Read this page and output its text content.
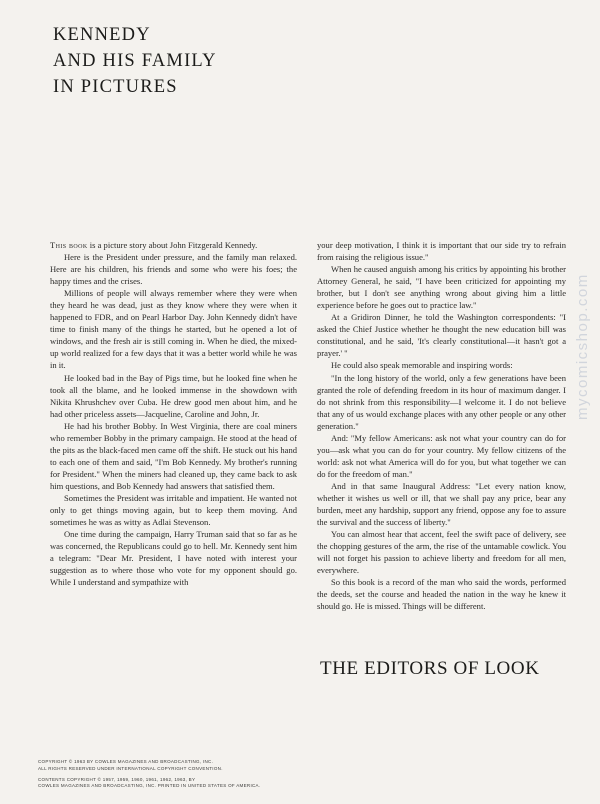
KENNEDY
AND HIS FAMILY
IN PICTURES

This book is a picture story about John Fitzgerald Kennedy.

Here is the President under pressure, and the family man relaxed. Here are his children, his friends and some who were his foes; the happy times and the crises.

Millions of people will always remember where they were when they heard he was dead, just as they know where they were when it happened to FDR, and on Pearl Harbor Day. John Kennedy didn't have time to finish many of the things he started, but he opened a lot of windows, and the fresh air is still coming in. When he died, the mixed-up world realized for a few days that it was a better world while he was in it.

He looked bad in the Bay of Pigs time, but he looked fine when he took all the blame, and he looked immense in the showdown with Nikita Khrushchev over Cuba. He drew good men about him, and he had other priceless assets—Jacqueline, Caroline and John, Jr.

He had his brother Bobby. In West Virginia, there are coal miners who remember Bobby in the primary campaign. He stood at the head of the pits as the black-faced men came off the shift. He stuck out his hand to each one of them and said, "I'm Bob Kennedy. My brother's running for President." When the miners had cleaned up, they came back to ask him questions, and Bob Kennedy had answers that satisfied them.

Sometimes the President was irritable and impatient. He wanted not only to get things moving again, but to keep them moving. And sometimes he was as witty as Adlai Stevenson.

One time during the campaign, Harry Truman said that so far as he was concerned, the Republicans could go to hell. Mr. Kennedy sent him a telegram: "Dear Mr. President, I have noted with interest your suggestion as to where those who vote for my opponent should go. While I understand and sympathize with

your deep motivation, I think it is important that our side try to refrain from raising the religious issue."

When he caused anguish among his critics by appointing his brother Attorney General, he said, "I have been criticized for appointing my brother, but I don't see anything wrong about giving him a little experience before he goes out to practice law."

At a Gridiron Dinner, he told the Washington correspondents: "I asked the Chief Justice whether he thought the new education bill was constitutional, and he said, 'It's clearly constitutional—it hasn't got a prayer.' "

He could also speak memorable and inspiring words:

"In the long history of the world, only a few generations have been granted the role of defending freedom in its hour of maximum danger. I do not shrink from this responsibility—I welcome it. I do not believe that any of us would exchange places with any other people or any other generation."

And: "My fellow Americans: ask not what your country can do for you—ask what you can do for your country. My fellow citizens of the world: ask not what America will do for you, but what together we can do for the freedom of man."

And in that same Inaugural Address: "Let every nation know, whether it wishes us well or ill, that we shall pay any price, bear any burden, meet any hardship, support any friend, oppose any foe to assure the survival and the success of liberty."

You can almost hear that accent, feel the swift pace of delivery, see the chopping gestures of the arm, the rise of the untamable cowlick. You will not forget his passion to achieve liberty and freedom for all men, everywhere.

So this book is a record of the man who said the words, performed the deeds, set the course and headed the nation in the way he knew it should go. He is missed. Things will be different.

THE EDITORS OF LOOK
COPYRIGHT © 1963 BY COWLES MAGAZINES AND BROADCASTING, INC.
ALL RIGHTS RESERVED UNDER INTERNATIONAL COPYRIGHT CONVENTION.
CONTENTS COPYRIGHT © 1957, 1959, 1960, 1961, 1962, 1963, BY
COWLES MAGAZINES AND BROADCASTING, INC. PRINTED IN UNITED STATES OF AMERICA.
mycomicshop.com
